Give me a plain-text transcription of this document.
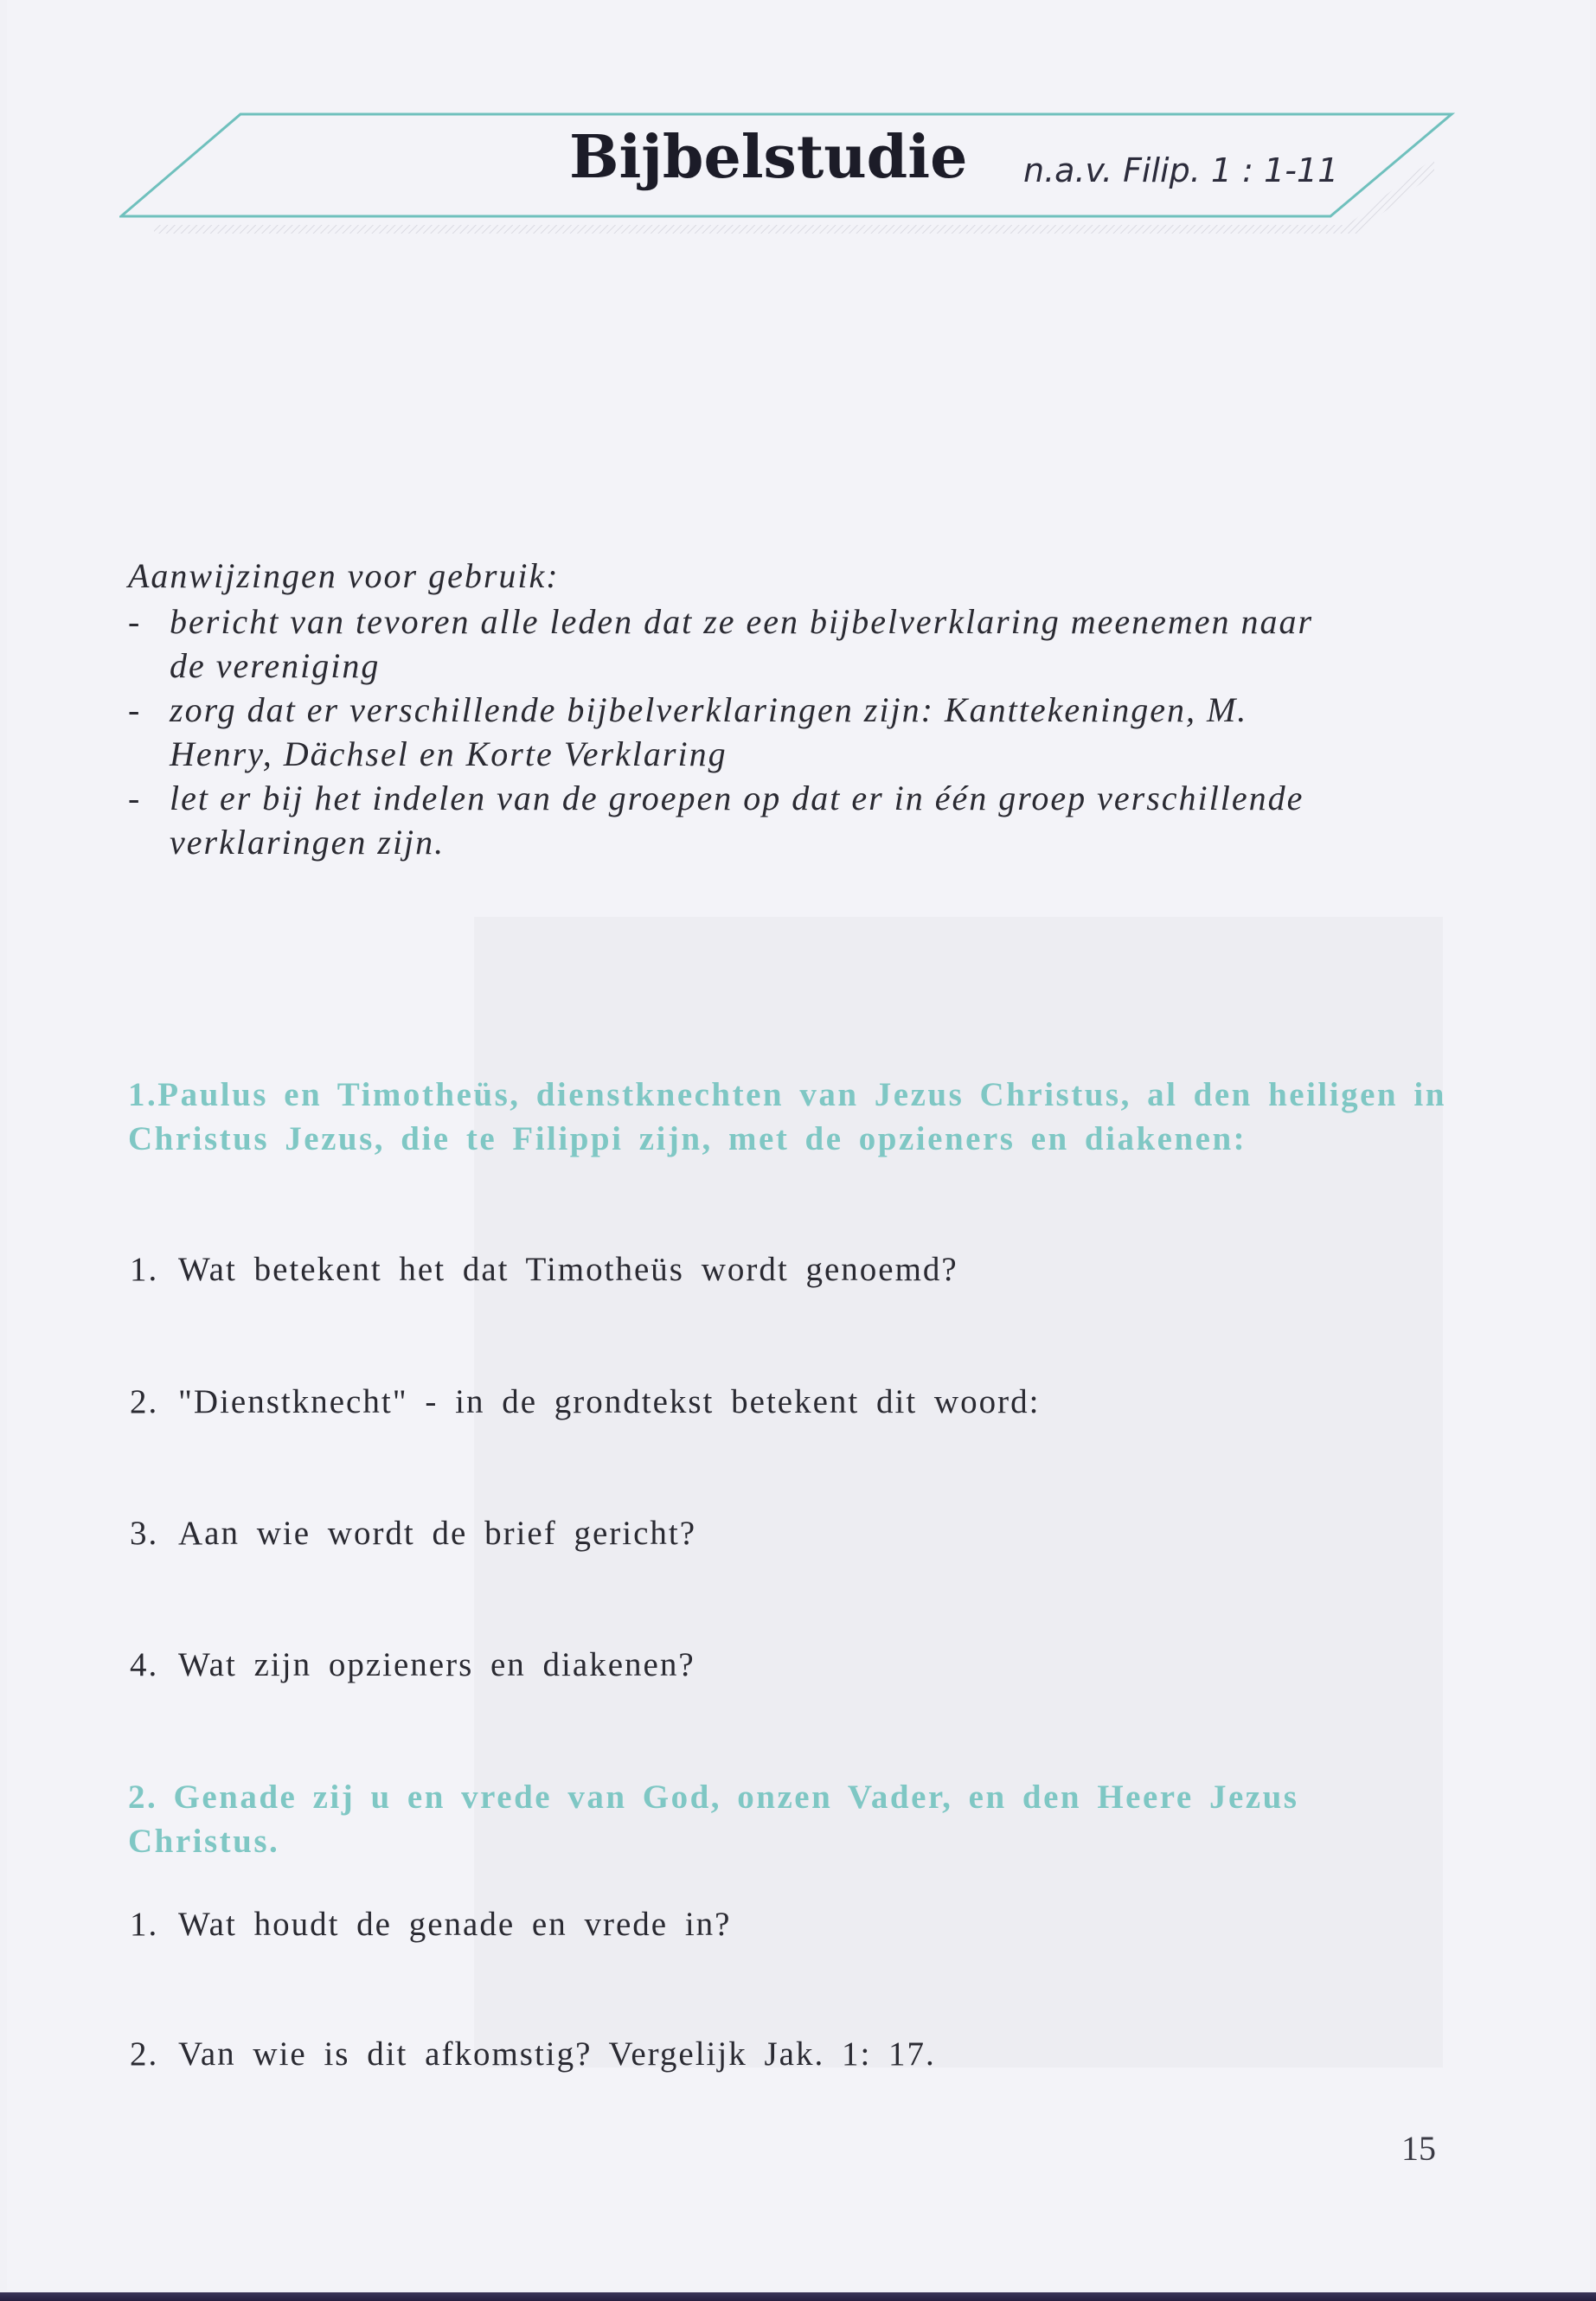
Bijbelstudie n.a.v. Filip. 1 : 1-11
Aanwijzingen voor gebruik:
- bericht van tevoren alle leden dat ze een bijbelverklaring meenemen naar de vereniging
- zorg dat er verschillende bijbelverklaringen zijn: Kanttekeningen, M. Henry, Dächsel en Korte Verklaring
- let er bij het indelen van de groepen op dat er in één groep verschillende verklaringen zijn.
1.Paulus en Timotheüs, dienstknechten van Jezus Christus, al den heiligen in Christus Jezus, die te Filippi zijn, met de opzieners en diakenen:
1. Wat betekent het dat Timotheüs wordt genoemd?
2. "Dienstknecht" - in de grondtekst betekent dit woord:
3. Aan wie wordt de brief gericht?
4. Wat zijn opzieners en diakenen?
2. Genade zij u en vrede van God, onzen Vader, en den Heere Jezus Christus.
1. Wat houdt de genade en vrede in?
2. Van wie is dit afkomstig? Vergelijk Jak. 1: 17.
15
